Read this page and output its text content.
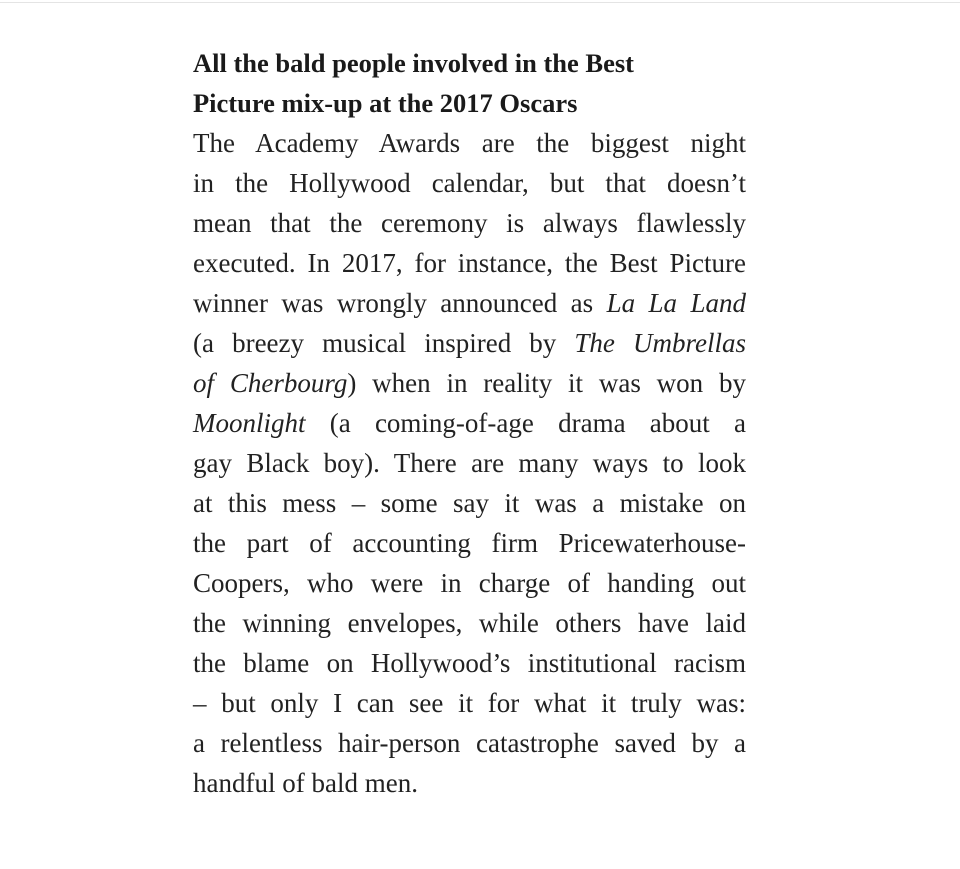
All the bald people involved in the Best Picture mix-up at the 2017 Oscars

The Academy Awards are the biggest night
in the Hollywood calendar, but that doesn’t
mean that the ceremony is always flawlessly
executed. In 2017, for instance, the Best Picture
winner was wrongly announced as La La Land
(a breezy musical inspired by The Umbrellas
of Cherbourg) when in reality it was won by
Moonlight (a coming-of-age drama about a
gay Black boy). There are many ways to look
at this mess – some say it was a mistake on
the part of accounting firm Pricewaterhouse-
Coopers, who were in charge of handing out
the winning envelopes, while others have laid
the blame on Hollywood’s institutional racism
– but only I can see it for what it truly was:
a relentless hair-person catastrophe saved by a
handful of bald men.
